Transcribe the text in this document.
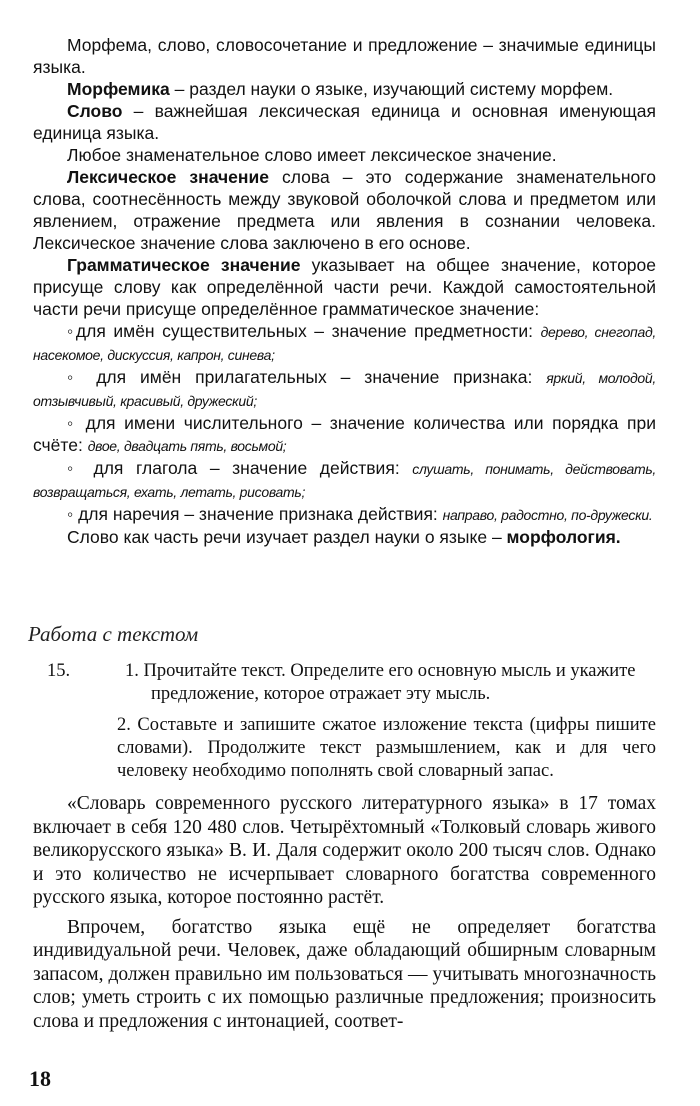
Морфема, слово, словосочетание и предложение – значимые единицы языка.

Морфемика – раздел науки о языке, изучающий систему морфем.

Слово – важнейшая лексическая единица и основная именующая единица языка.

Любое знаменательное слово имеет лексическое значение.

Лексическое значение слова – это содержание знаменательного слова, соотнесённость между звуковой оболочкой слова и предметом или явлением, отражение предмета или явления в сознании человека. Лексическое значение слова заключено в его основе.

Грамматическое значение указывает на общее значение, которое присуще слову как определённой части речи. Каждой самостоятельной части речи присуще определённое грамматическое значение:

◦для имён существительных – значение предметности: дерево, снегопад, насекомое, дискуссия, капрон, синева;

◦ для имён прилагательных – значение признака: яркий, молодой, отзывчивый, красивый, дружеский;

◦ для имени числительного – значение количества или порядка при счёте: двое, двадцать пять, восьмой;

◦ для глагола – значение действия: слушать, понимать, действовать, возвращаться, ехать, летать, рисовать;

◦ для наречия – значение признака действия: направо, радостно, по-дружески.

Слово как часть речи изучает раздел науки о языке – морфология.

Работа с текстом
15.	1. Прочитайте текст. Определите его основную мысль и укажите предложение, которое отражает эту мысль.

2. Составьте и запишите сжатое изложение текста (цифры пишите словами). Продолжите текст размышлением, как и для чего человеку необходимо пополнять свой словарный запас.

«Словарь современного русского литературного языка» в 17 томах включает в себя 120 480 слов. Четырёхтомный «Толковый словарь живого великорусского языка» В. И. Даля содержит около 200 тысяч слов. Однако и это количество не исчерпывает словарного богатства современного русского языка, которое постоянно растёт.

Впрочем, богатство языка ещё не определяет богатства индивидуальной речи. Человек, даже обладающий обширным словарным запасом, должен правильно им пользоваться — учитывать многозначность слов; уметь строить с их помощью различные предложения; произносить слова и предложения с интонацией, соответ-

18
